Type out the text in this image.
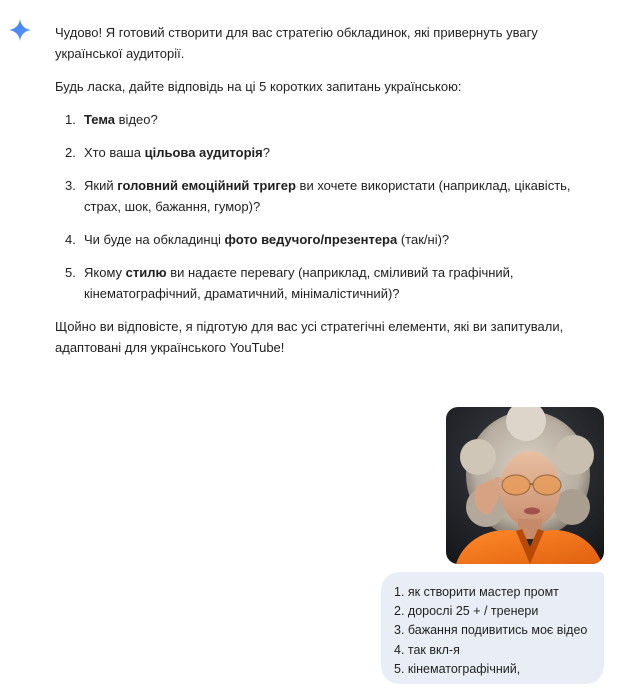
Чудово! Я готовий створити для вас стратегію обкладинок, які привернуть увагу української аудиторії.

Будь ласка, дайте відповідь на ці 5 коротких запитань українською:

1. Тема відео?
2. Хто ваша цільова аудиторія?
3. Який головний емоційний тригер ви хочете використати (наприклад, цікавість, страх, шок, бажання, гумор)?
4. Чи буде на обкладинці фото ведучого/презентера (так/ні)?
5. Якому стилю ви надаєте перевагу (наприклад, сміливий та графічний, кінематографічний, драматичний, мінімалістичний)?

Щойно ви відповісте, я підготую для вас усі стратегічні елементи, які ви запитували, адаптовані для українського YouTube!

1. як створити мастер промт
2. дорослі 25 + / тренери
3. бажання подивитись моє відео
4. так вкл-я
5. кінематографічний,
